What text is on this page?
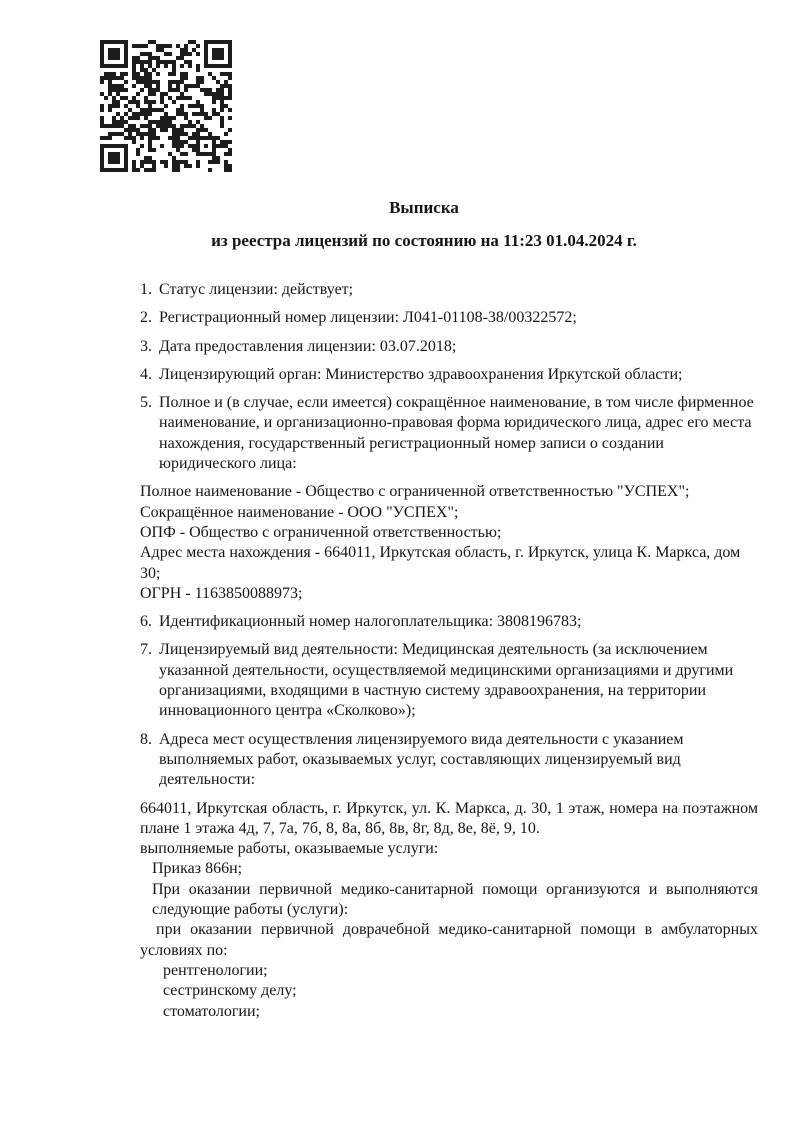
Выписка
из реестра лицензий по состоянию на 11:23 01.04.2024 г.
1. Статус лицензии: действует;
2. Регистрационный номер лицензии: Л041-01108-38/00322572;
3. Дата предоставления лицензии: 03.07.2018;
4. Лицензирующий орган: Министерство здравоохранения Иркутской области;
5. Полное и (в случае, если имеется) сокращённое наименование, в том числе фирменное наименование, и организационно-правовая форма юридического лица, адрес его места нахождения, государственный регистрационный номер записи о создании юридического лица:
Полное наименование - Общество с ограниченной ответственностью "УСПЕХ";
Сокращённое наименование - ООО "УСПЕХ";
ОПФ - Общество с ограниченной ответственностью;
Адрес места нахождения - 664011, Иркутская область, г. Иркутск, улица К. Маркса, дом 30;
ОГРН - 1163850088973;
6. Идентификационный номер налогоплательщика: 3808196783;
7. Лицензируемый вид деятельности: Медицинская деятельность (за исключением указанной деятельности, осуществляемой медицинскими организациями и другими организациями, входящими в частную систему здравоохранения, на территории инновационного центра «Сколково»);
8. Адреса мест осуществления лицензируемого вида деятельности с указанием выполняемых работ, оказываемых услуг, составляющих лицензируемый вид деятельности:
664011, Иркутская область, г. Иркутск, ул. К. Маркса, д. 30, 1 этаж, номера на поэтажном плане 1 этажа 4д, 7, 7а, 7б, 8, 8а, 8б, 8в, 8г, 8д, 8е, 8ё, 9, 10.
выполняемые работы, оказываемые услуги:
Приказ 866н;
При оказании первичной медико-санитарной помощи организуются и выполняются следующие работы (услуги):
при оказании первичной доврачебной медико-санитарной помощи в амбулаторных условиях по:
рентгенологии;
сестринскому делу;
стоматологии;
